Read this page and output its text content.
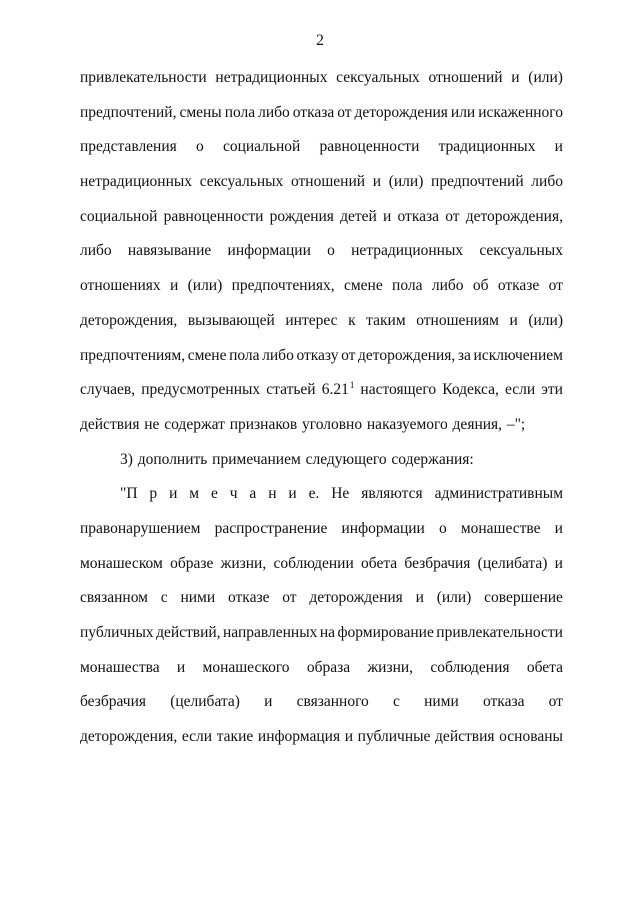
2
привлекательности нетрадиционных сексуальных отношений и (или)
предпочтений, смены пола либо отказа от деторождения или искаженного
представления о социальной равноценности традиционных и
нетрадиционных сексуальных отношений и (или) предпочтений либо
социальной равноценности рождения детей и отказа от деторождения,
либо навязывание информации о нетрадиционных сексуальных
отношениях и (или) предпочтениях, смене пола либо об отказе от
деторождения, вызывающей интерес к таким отношениям и (или)
предпочтениям, смене пола либо отказу от деторождения, за исключением
случаев, предусмотренных статьей 6.21$^1$ настоящего Кодекса, если эти
действия не содержат признаков уголовно наказуемого деяния, –";
3) дополнить примечанием следующего содержания:
"П р и м е ч а н и е. Не являются административным
правонарушением распространение информации о монашестве и
монашеском образе жизни, соблюдении обета безбрачия (целибата) и
связанном с ними отказе от деторождения и (или) совершение
публичных действий, направленных на формирование привлекательности
монашества и монашеского образа жизни, соблюдения обета
безбрачия (целибата) и связанного с ними отказа от
деторождения, если такие информация и публичные действия основаны
